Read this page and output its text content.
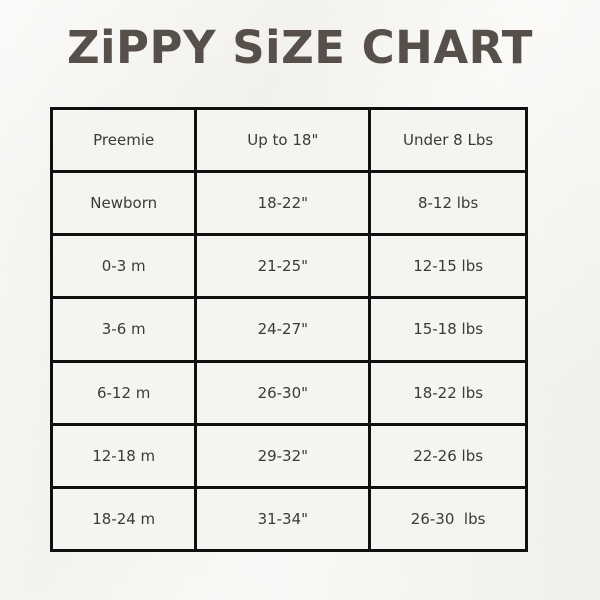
ZiPPY SiZE CHART
Preemie	Up to 18"	Under 8 Lbs
Newborn	18-22"	8-12 lbs
0-3 m	21-25"	12-15 lbs
3-6 m	24-27"	15-18 lbs
6-12 m	26-30"	18-22 lbs
12-18 m	29-32"	22-26 lbs
18-24 m	31-34"	26-30  lbs
